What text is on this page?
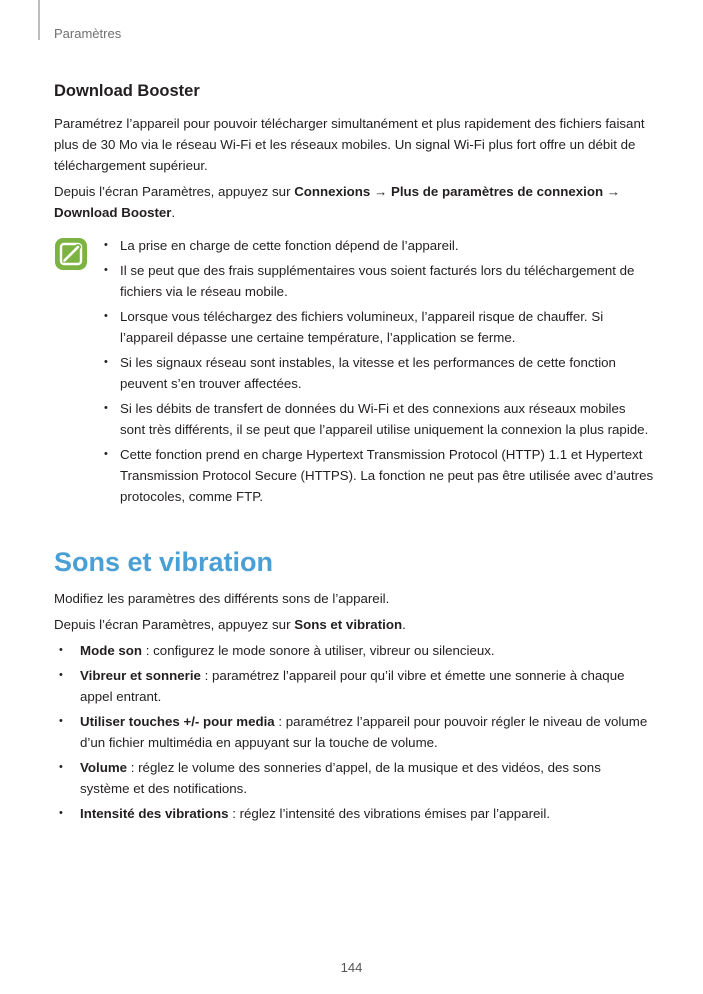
Paramètres
Download Booster

Paramétrez l’appareil pour pouvoir télécharger simultanément et plus rapidement des fichiers faisant plus de 30 Mo via le réseau Wi-Fi et les réseaux mobiles. Un signal Wi-Fi plus fort offre un débit de téléchargement supérieur.

Depuis l’écran Paramètres, appuyez sur Connexions → Plus de paramètres de connexion → Download Booster.

• La prise en charge de cette fonction dépend de l’appareil.
• Il se peut que des frais supplémentaires vous soient facturés lors du téléchargement de fichiers via le réseau mobile.
• Lorsque vous téléchargez des fichiers volumineux, l’appareil risque de chauffer. Si l’appareil dépasse une certaine température, l’application se ferme.
• Si les signaux réseau sont instables, la vitesse et les performances de cette fonction peuvent s’en trouver affectées.
• Si les débits de transfert de données du Wi-Fi et des connexions aux réseaux mobiles sont très différents, il se peut que l’appareil utilise uniquement la connexion la plus rapide.
• Cette fonction prend en charge Hypertext Transmission Protocol (HTTP) 1.1 et Hypertext Transmission Protocol Secure (HTTPS). La fonction ne peut pas être utilisée avec d’autres protocoles, comme FTP.
Sons et vibration

Modifiez les paramètres des différents sons de l’appareil.

Depuis l’écran Paramètres, appuyez sur Sons et vibration.

• Mode son : configurez le mode sonore à utiliser, vibreur ou silencieux.
• Vibreur et sonnerie : paramétrez l’appareil pour qu’il vibre et émette une sonnerie à chaque appel entrant.
• Utiliser touches +/- pour media : paramétrez l’appareil pour pouvoir régler le niveau de volume d’un fichier multimédia en appuyant sur la touche de volume.
• Volume : réglez le volume des sonneries d’appel, de la musique et des vidéos, des sons système et des notifications.
• Intensité des vibrations : réglez l’intensité des vibrations émises par l’appareil.
144
